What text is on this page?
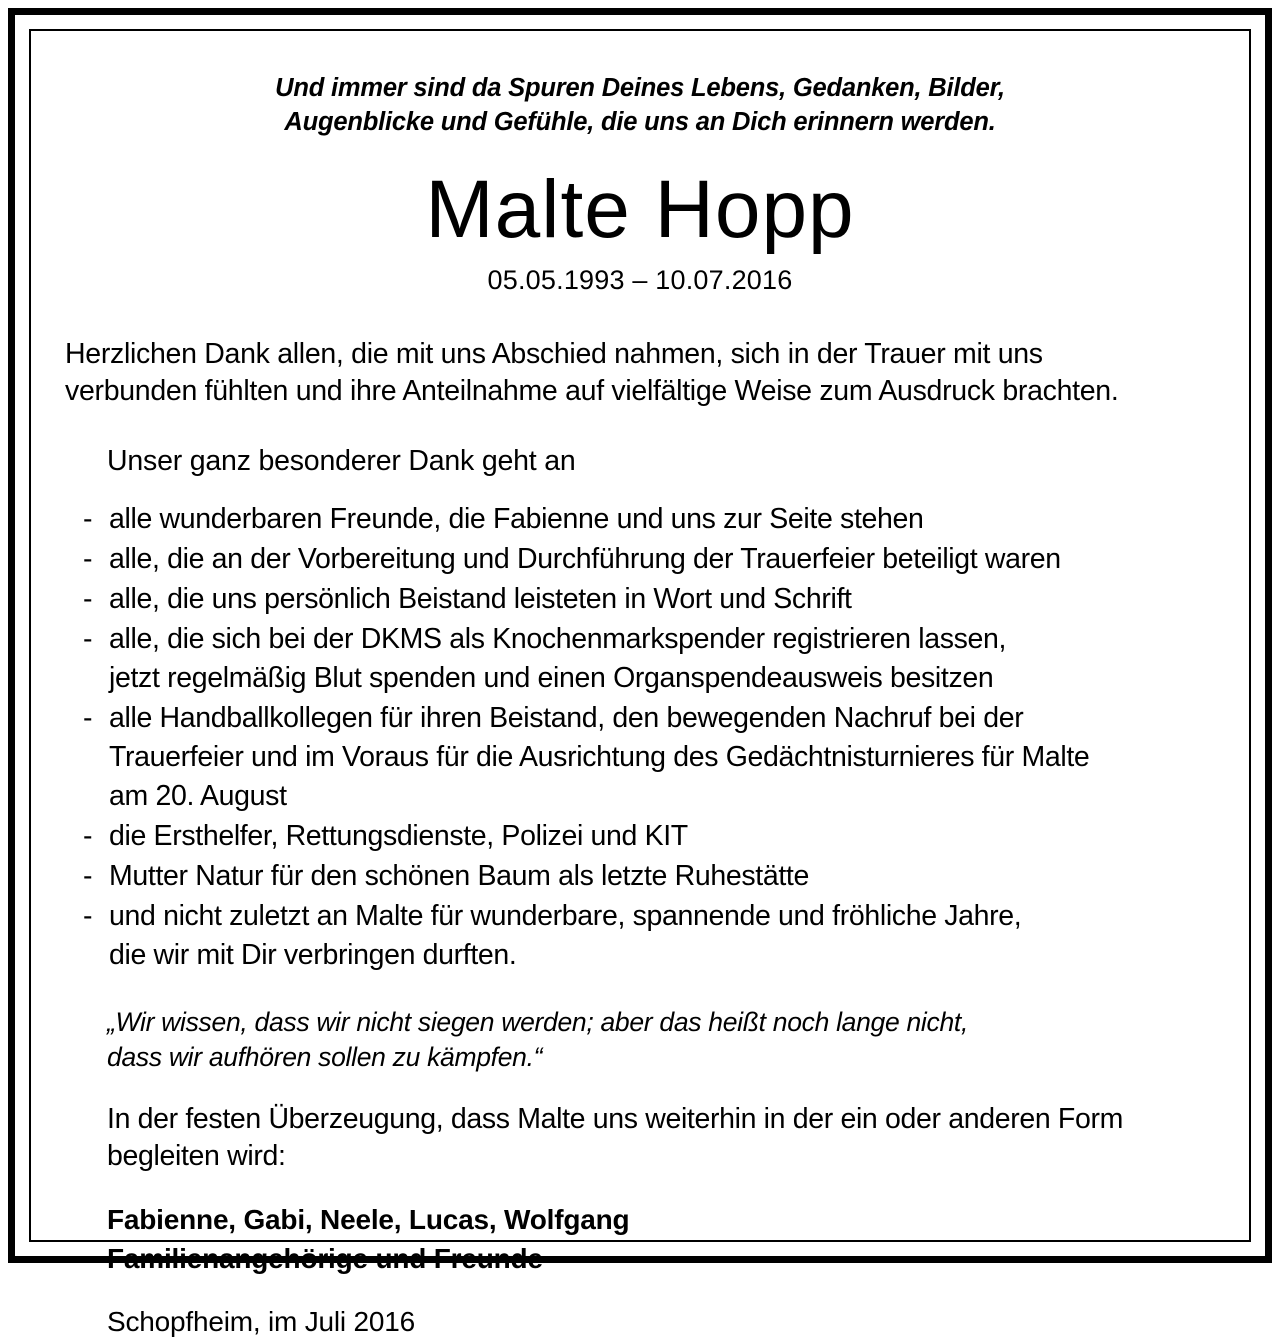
Und immer sind da Spuren Deines Lebens, Gedanken, Bilder,
Augenblicke und Gefühle, die uns an Dich erinnern werden.
Malte Hopp
05.05.1993 – 10.07.2016
Herzlichen Dank allen, die mit uns Abschied nahmen, sich in der Trauer mit uns
verbunden fühlten und ihre Anteilnahme auf vielfältige Weise zum Ausdruck brachten.
Unser ganz besonderer Dank geht an
- alle wunderbaren Freunde, die Fabienne und uns zur Seite stehen
- alle, die an der Vorbereitung und Durchführung der Trauerfeier beteiligt waren
- alle, die uns persönlich Beistand leisteten in Wort und Schrift
- alle, die sich bei der DKMS als Knochenmarkspender registrieren lassen,
jetzt regelmäßig Blut spenden und einen Organspendeausweis besitzen
- alle Handballkollegen für ihren Beistand, den bewegenden Nachruf bei der
Trauerfeier und im Voraus für die Ausrichtung des Gedächtnisturnieres für Malte
am 20. August
- die Ersthelfer, Rettungsdienste, Polizei und KIT
- Mutter Natur für den schönen Baum als letzte Ruhestätte
- und nicht zuletzt an Malte für wunderbare, spannende und fröhliche Jahre,
die wir mit Dir verbringen durften.
„Wir wissen, dass wir nicht siegen werden; aber das heißt noch lange nicht,
dass wir aufhören sollen zu kämpfen.“
In der festen Überzeugung, dass Malte uns weiterhin in der ein oder anderen Form
begleiten wird:
Fabienne, Gabi, Neele, Lucas, Wolfgang
Familienangehörige und Freunde
Schopfheim, im Juli 2016
